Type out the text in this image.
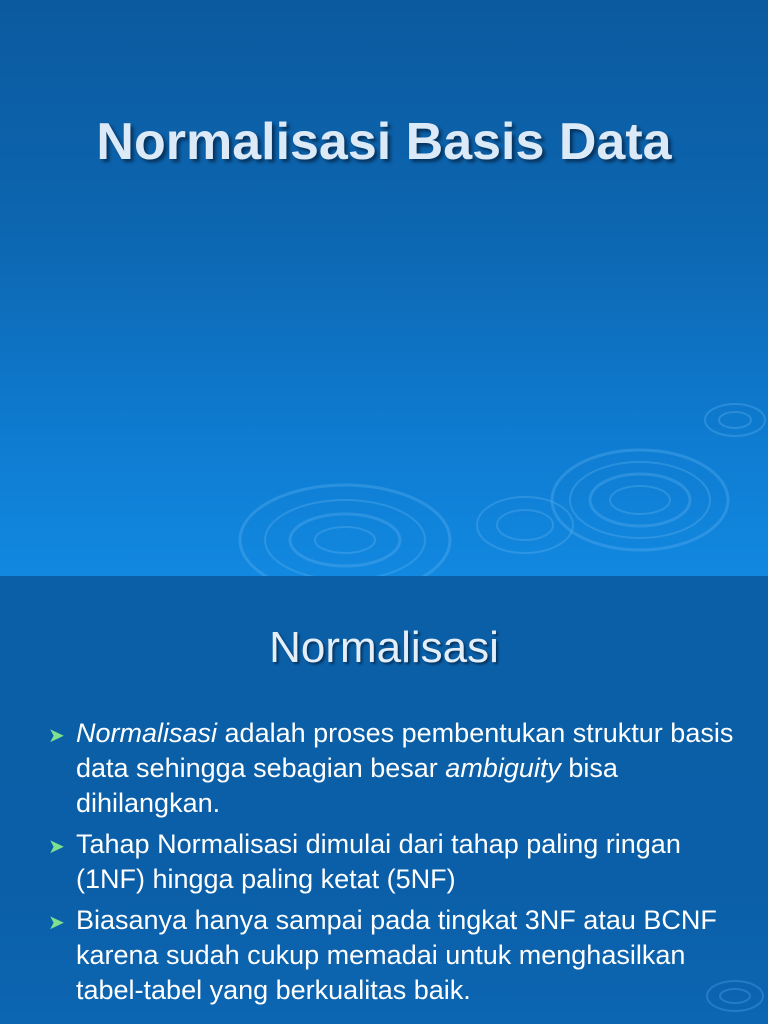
Normalisasi Basis Data
Normalisasi
➤ Normalisasi adalah proses pembentukan struktur basis data sehingga sebagian besar ambiguity bisa dihilangkan.
➤ Tahap Normalisasi dimulai dari tahap paling ringan (1NF) hingga paling ketat (5NF)
➤ Biasanya hanya sampai pada tingkat 3NF atau BCNF karena sudah cukup memadai untuk menghasilkan tabel-tabel yang berkualitas baik.
